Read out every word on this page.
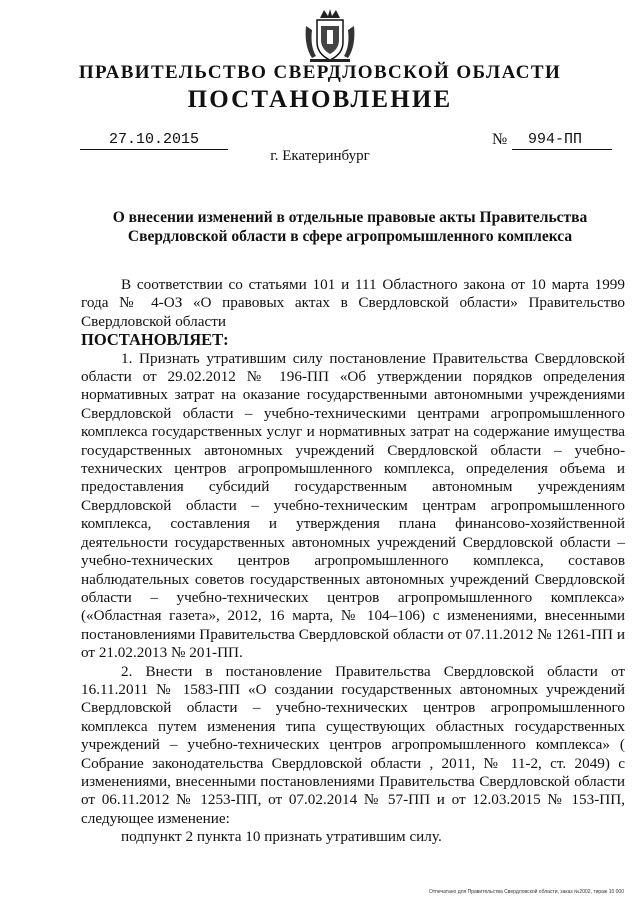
ПРАВИТЕЛЬСТВО СВЕРДЛОВСКОЙ ОБЛАСТИ
ПОСТАНОВЛЕНИЕ
27.10.2015	№	994-ПП
г. Екатеринбург
О внесении изменений в отдельные правовые акты Правительства Свердловской области в сфере агропромышленного комплекса

В соответствии со статьями 101 и 111 Областного закона от 10 марта 1999 года № 4-ОЗ «О правовых актах в Свердловской области» Правительство Свердловской области

ПОСТАНОВЛЯЕТ:

1. Признать утратившим силу постановление Правительства Свердловской области от 29.02.2012 № 196-ПП «Об утверждении порядков определения нормативных затрат на оказание государственными автономными учреждениями Свердловской области – учебно-техническими центрами агропромышленного комплекса государственных услуг и нормативных затрат на содержание имущества государственных автономных учреждений Свердловской области – учебно-технических центров агропромышленного комплекса, определения объема и предоставления субсидий государственным автономным учреждениям Свердловской области – учебно-техническим центрам агропромышленного комплекса, составления и утверждения плана финансово-хозяйственной деятельности государственных автономных учреждений Свердловской области – учебно-технических центров агропромышленного комплекса, составов наблюдательных советов государственных автономных учреждений Свердловской области – учебно-технических центров агропромышленного комплекса» («Областная газета», 2012, 16 марта, № 104–106) с изменениями, внесенными постановлениями Правительства Свердловской области от 07.11.2012 № 1261-ПП и от 21.02.2013 № 201-ПП.

2. Внести в постановление Правительства Свердловской области от 16.11.2011 № 1583-ПП «О создании государственных автономных учреждений Свердловской области – учебно-технических центров агропромышленного комплекса путем изменения типа существующих областных государственных учреждений – учебно-технических центров агропромышленного комплекса» ( Собрание законодательства Свердловской области , 2011, № 11-2, ст. 2049) с изменениями, внесенными постановлениями Правительства Свердловской области от 06.11.2012 № 1253-ПП, от 07.02.2014 № 57-ПП и от 12.03.2015 № 153-ПП, следующее изменение:

подпункт 2 пункта 10 признать утратившим силу.

Отпечатано для Правительства Свердловской области, заказ №2002, тираж 10 000
